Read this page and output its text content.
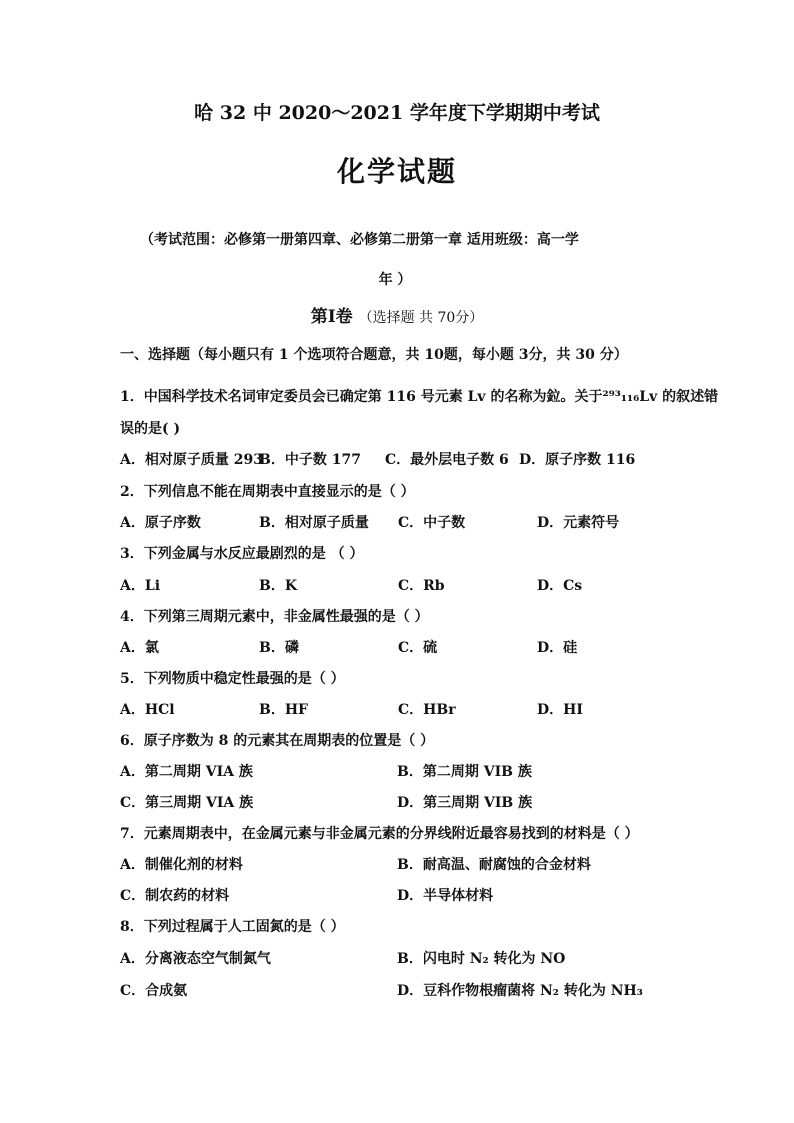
哈 32 中 2020～2021 学年度下学期期中考试
化学试题
（考试范围：必修第一册第四章、必修第二册第一章 适用班级：高一学
年 ）
第Ⅰ卷 （选择题 共 70分）
一、选择题（每小题只有 1 个选项符合题意，共 10题，每小题 3分，共 30 分）
1．中国科学技术名词审定委员会已确定第 116 号元素 Lv 的名称为鉝。关于²⁹³₁₁₆Lv 的叙述错
误的是( )
A．相对原子质量 293B．中子数 177 C．最外层电子数 6 D．原子序数 116
2．下列信息不能在周期表中直接显示的是（ ）
A．原子序数	B．相对原子质量 C．中子数	D．元素符号
3．下列金属与水反应最剧烈的是 （ ）
A．Li	B．K	C．Rb	D．Cs
4．下列第三周期元素中，非金属性最强的是（ ）
A．氯	B．磷	C．硫	D．硅
5．下列物质中稳定性最强的是（ ）
A．HCl	B．HF	C．HBr	D．HI
6．原子序数为 8 的元素其在周期表的位置是（ ）
A．第二周期 VIA 族	B．第二周期 VIB 族
C．第三周期 VIA 族	D．第三周期 VIB 族
7．元素周期表中，在金属元素与非金属元素的分界线附近最容易找到的材料是（ ）
A．制催化剂的材料	B．耐高温、耐腐蚀的合金材料
C．制农药的材料	D．半导体材料
8．下列过程属于人工固氮的是（ ）
A．分离液态空气制氮气	B．闪电时 N₂ 转化为 NO
C．合成氨	D．豆科作物根瘤菌将 N₂ 转化为 NH₃
